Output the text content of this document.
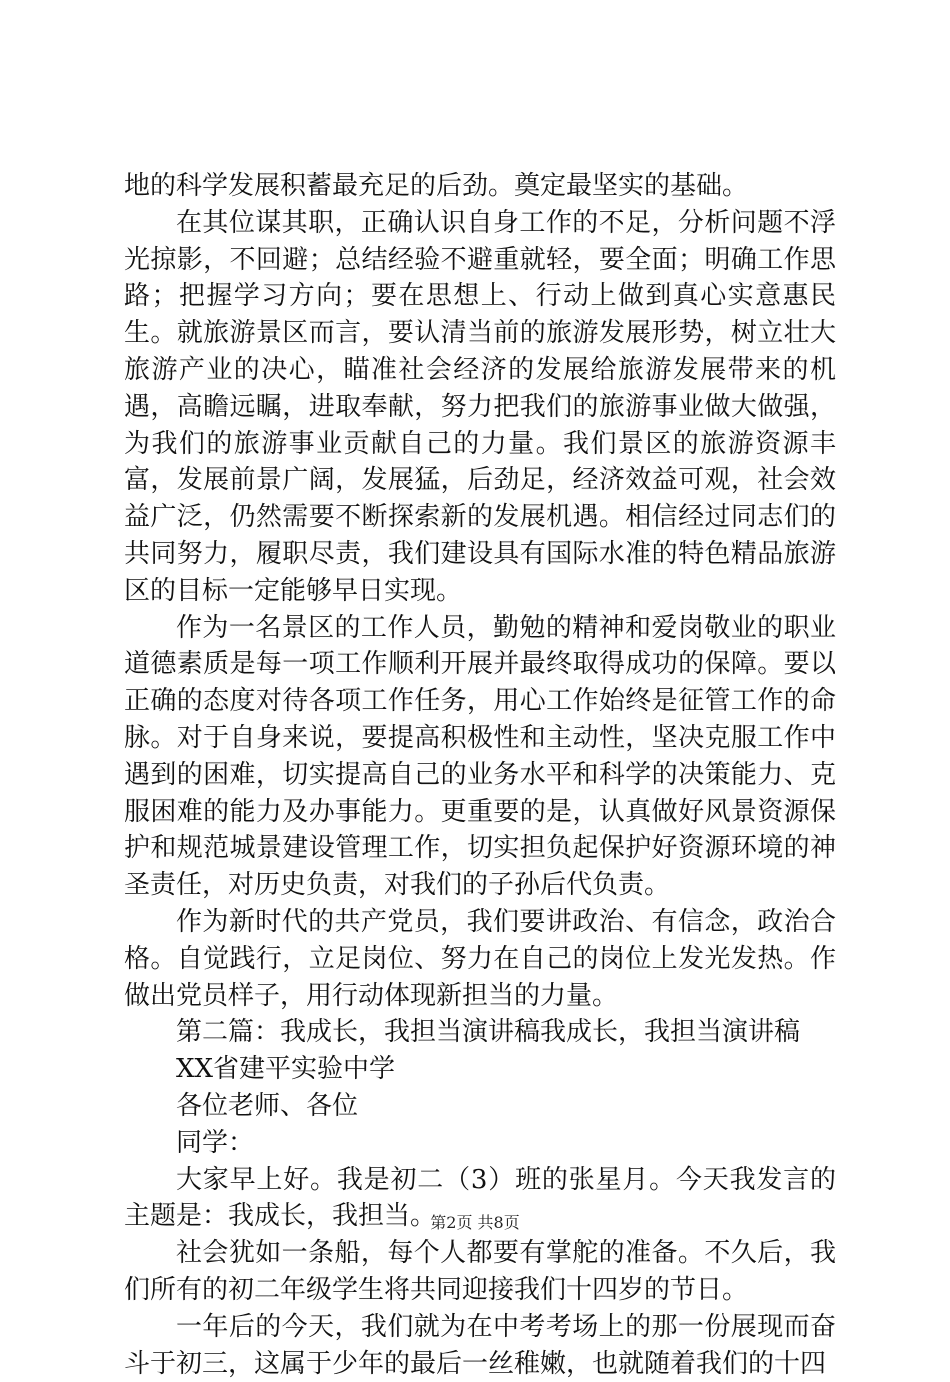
地的科学发展积蓄最充足的后劲。奠定最坚实的基础。

在其位谋其职，正确认识自身工作的不足，分析问题不浮光掠影，不回避；总结经验不避重就轻，要全面；明确工作思路；把握学习方向；要在思想上、行动上做到真心实意惠民生。就旅游景区而言，要认清当前的旅游发展形势，树立壮大旅游产业的决心，瞄准社会经济的发展给旅游发展带来的机遇，高瞻远瞩，进取奉献，努力把我们的旅游事业做大做强，为我们的旅游事业贡献自己的力量。我们景区的旅游资源丰富，发展前景广阔，发展猛，后劲足，经济效益可观，社会效益广泛，仍然需要不断探索新的发展机遇。相信经过同志们的共同努力，履职尽责，我们建设具有国际水准的特色精品旅游区的目标一定能够早日实现。

作为一名景区的工作人员，勤勉的精神和爱岗敬业的职业道德素质是每一项工作顺利开展并最终取得成功的保障。要以正确的态度对待各项工作任务，用心工作始终是征管工作的命脉。对于自身来说，要提高积极性和主动性，坚决克服工作中遇到的困难，切实提高自己的业务水平和科学的决策能力、克服困难的能力及办事能力。更重要的是，认真做好风景资源保护和规范城景建设管理工作，切实担负起保护好资源环境的神圣责任，对历史负责，对我们的子孙后代负责。

作为新时代的共产党员，我们要讲政治、有信念，政治合格。自觉践行，立足岗位、努力在自己的岗位上发光发热。作做出党员样子，用行动体现新担当的力量。

第二篇：我成长，我担当演讲稿我成长，我担当演讲稿

XX省建平实验中学

各位老师、各位

同学：

大家早上好。我是初二（3）班的张星月。今天我发言的主题是：我成长，我担当。

社会犹如一条船，每个人都要有掌舵的准备。不久后，我们所有的初二年级学生将共同迎接我们十四岁的节日。

一年后的今天，我们就为在中考考场上的那一份展现而奋斗于初三，这属于少年的最后一丝稚嫩，也就随着我们的十四

第2页 共8页
